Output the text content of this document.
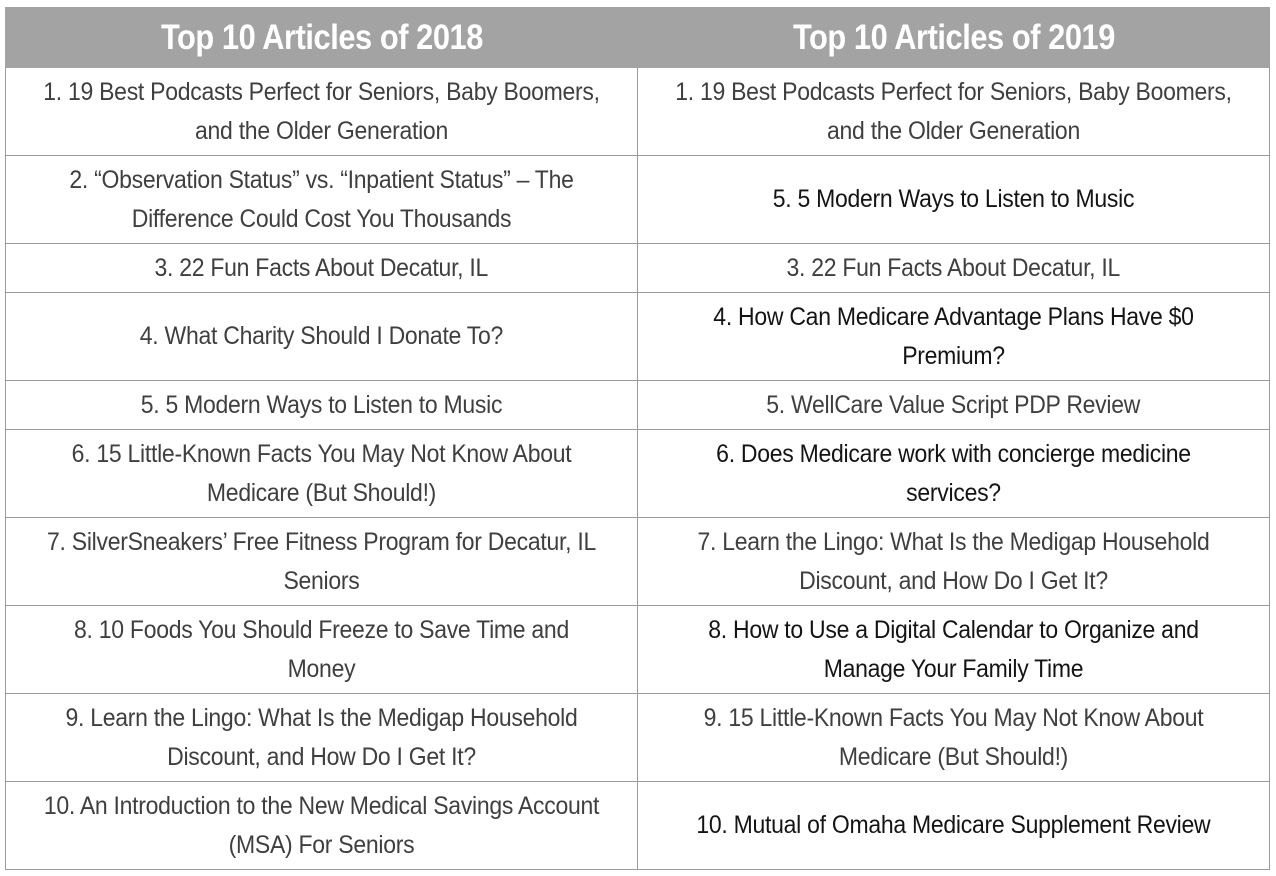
Top 10 Articles of 2018	Top 10 Articles of 2019
1. 19 Best Podcasts Perfect for Seniors, Baby Boomers, and the Older Generation	1. 19 Best Podcasts Perfect for Seniors, Baby Boomers, and the Older Generation
2. “Observation Status” vs. “Inpatient Status” – The Difference Could Cost You Thousands	5. 5 Modern Ways to Listen to Music
3. 22 Fun Facts About Decatur, IL	3. 22 Fun Facts About Decatur, IL
4. What Charity Should I Donate To?	4. How Can Medicare Advantage Plans Have $0 Premium?
5. 5 Modern Ways to Listen to Music	5. WellCare Value Script PDP Review
6. 15 Little-Known Facts You May Not Know About Medicare (But Should!)	6. Does Medicare work with concierge medicine services?
7. SilverSneakers’ Free Fitness Program for Decatur, IL Seniors	7. Learn the Lingo: What Is the Medigap Household Discount, and How Do I Get It?
8. 10 Foods You Should Freeze to Save Time and Money	8. How to Use a Digital Calendar to Organize and Manage Your Family Time
9. Learn the Lingo: What Is the Medigap Household Discount, and How Do I Get It?	9. 15 Little-Known Facts You May Not Know About Medicare (But Should!)
10. An Introduction to the New Medical Savings Account (MSA) For Seniors	10. Mutual of Omaha Medicare Supplement Review
